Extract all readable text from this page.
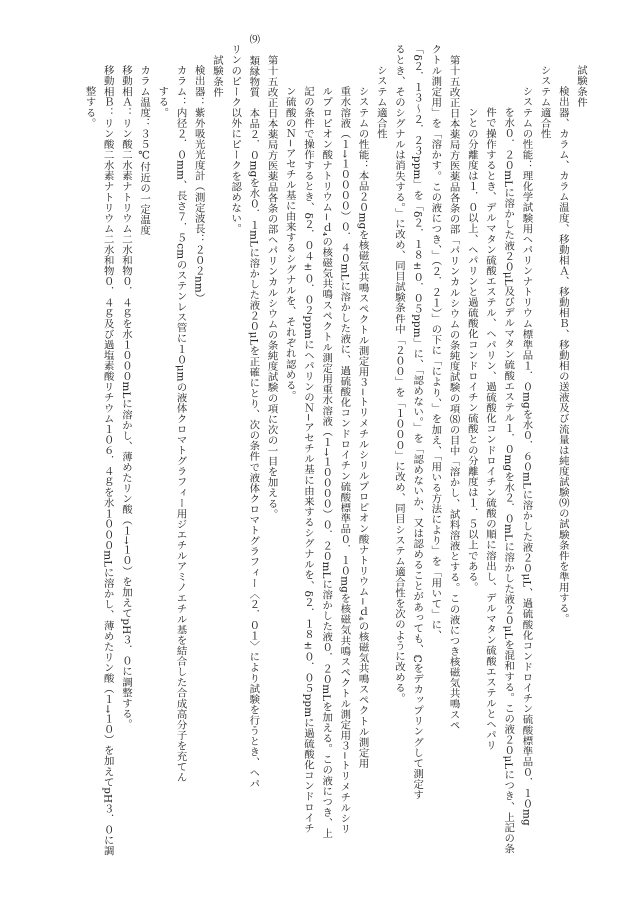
試験条件
検出器、カラム、カラム温度、移動相Ａ、移動相Ｂ、移動相の送液及び流量は純度試験⑼の試験条件を準用する。
システム適合性
システムの性能：理化学試験用ヘパリンナトリウム標準品１．０mgを水０．６０mLに溶かした液２０μL、過硫酸化コンドロイチン硫酸標準品０．１０mg
を水０．２０mLに溶かした液２０μL及びデルマタン硫酸エステル１．０mgを水２．０mLに溶かした液２０μLを混和する。この液２０μLにつき、上記の条
件で操作するとき、デルマタン硫酸エステル、ヘパリン、過硫酸化コンドロイチン硫酸の順に溶出し、デルマタン硫酸エステルとヘパリ
ンとの分離度は１．０以上、ヘパリンと過硫酸化コンドロイチン硫酸との分離度は１．５以上である。
第十五改正日本薬局方医薬品各条の部「パリンカルシウムの条純度試験の項⑻の目中「溶かし、試料溶液とする。この液につき核磁気共鳴スペ
クトル測定用」を「溶かす。この液につき、」（２．２１）」の下に「により、」を加え、「用いる方法により」を「用いて」に、
「δ２．１３〜２．２３ppm」を「δ２．１８±０．０５ppm」に、「認めない。」を「認めないか、又は認めることがあっても、ℂをデカップリングして測定す
るとき、そのシグナルは消失する。」に改め、同目試験条件中「２００」を「１０００」に改め、同目システム適合性を次のように改める。
システム適合性
システムの性能：本品２０mgを核磁気共鳴スペクトル測定用３−トリメチルシリルプロピオン酸ナトリウム−ｄ₄の核磁気共鳴スペクトル測定用
重水溶液（１→１００００）０．４０mLに溶かした液に、過硫酸化コンドロイチン硫酸標準品０．１０mgを核磁気共鳴スペクトル測定用３−トリメチルシリ
ルプロピオン酸ナトリウム−ｄ₄の核磁気共鳴スペクトル測定用重水溶液（１→１００００）０．２０mLに溶かした液０．２０mLを加える。この液につき、上
記の条件で操作するとき、δ２．０４±０．０２ppmにヘパリンのＮ−アセチル基に由来するシグナルを、δ２．１８±０．０５ppmに過硫酸化コンドロイチ
ン硫酸のＮ−アセチル基に由来するシグナルを、それぞれ認める。
第十五改正日本薬局方医薬品各条の部ヘパリンカルシウムの条純度試験の項に次の一目を加える。
⑼　類縁物質　本品２．０mgを水０．１mLに溶かした液２０μLを正確にとり、次の条件で液体クロマトグラフィー〈２．０１〉により試験を行うとき、ヘパ
リンのピーク以外にピークを認めない。
試験条件
検出器：紫外吸光光度計（測定波長：２０２nm）
カラム：内径２．０mm、長さ７．５cmのステンレス管に１０μmの液体クロマトグラフィー用ジエチルアミノエチル基を結合した合成高分子を充てん
する。
カラム温度：３５℃付近の一定温度
移動相Ａ：リン酸二水素ナトリウム二水和物０．４ｇを水１０００mLに溶かし、薄めたリン酸（１→１０）を加えてpH３．０に調整する。
移動相Ｂ：リン酸二水素ナトリウム二水和物０．４ｇ及び過塩素酸リチウム１０６．４ｇを水１０００mLに溶かし、薄めたリン酸（１→１０）を加えてpH３．０に調
整する。
